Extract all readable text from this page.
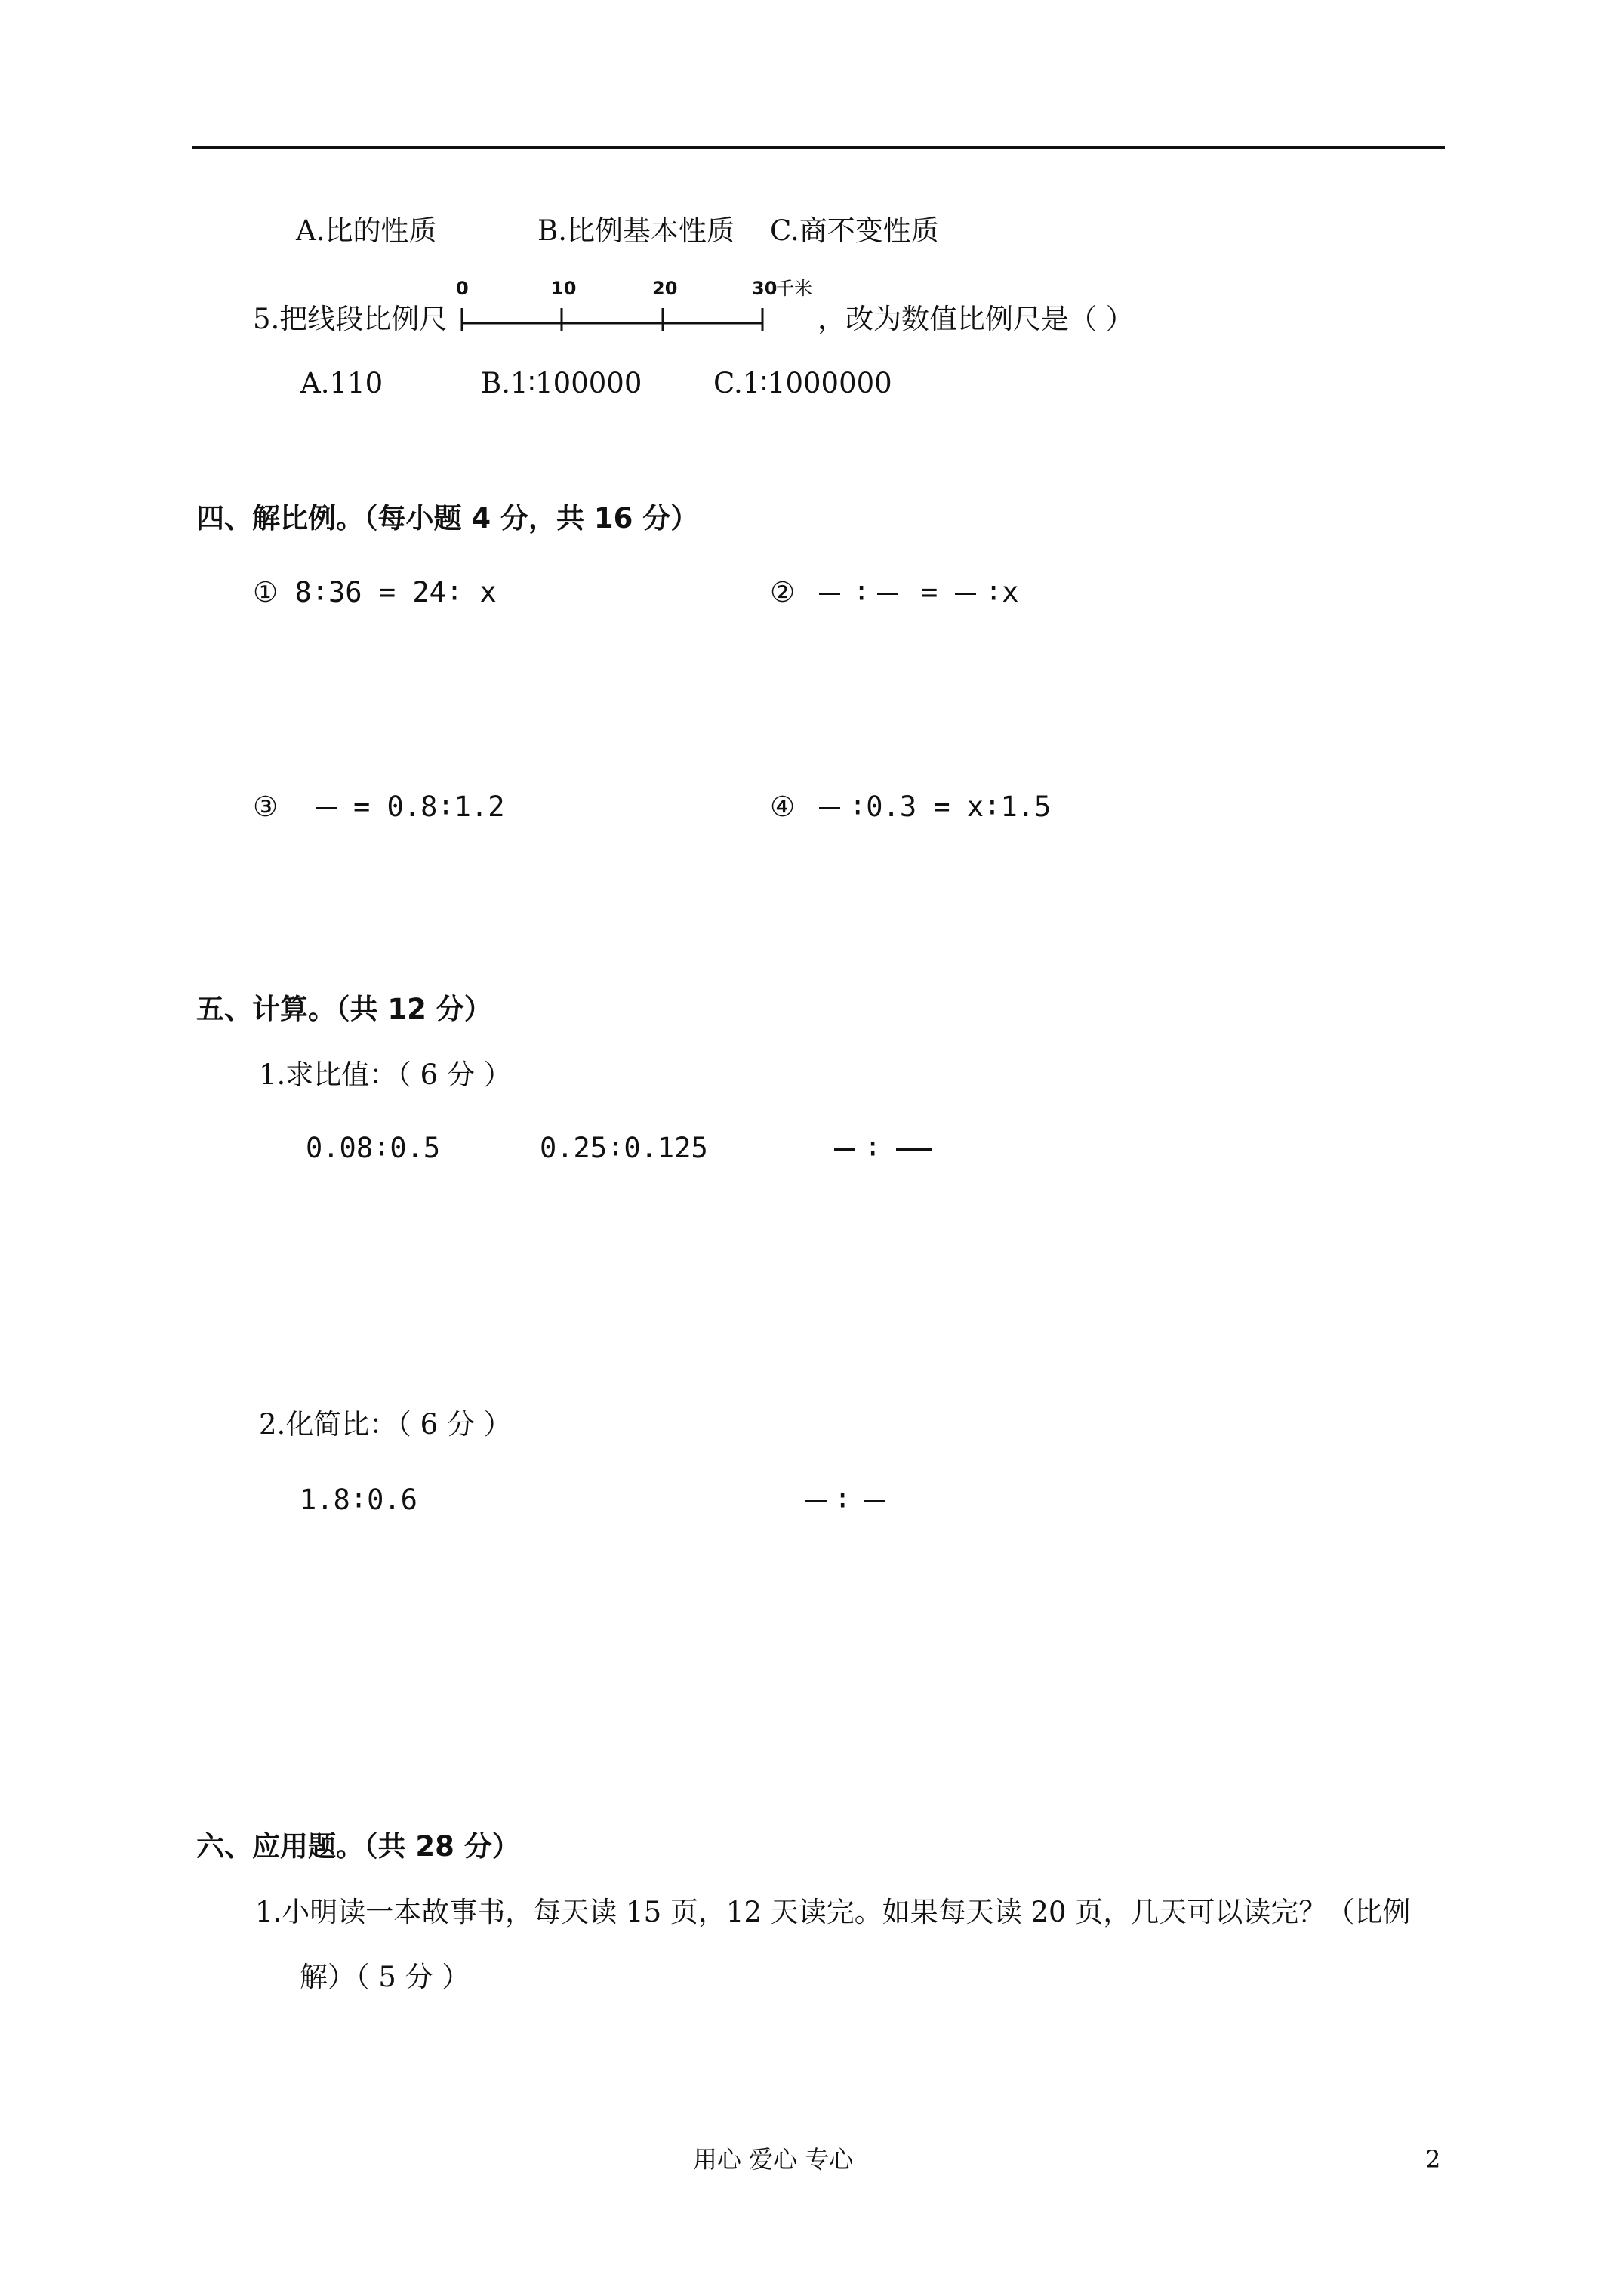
A.比的性质	B.比例基本性质 C.商不变性质
5.把线段比例尺
0	10	20	30
千米
，改为数值比例尺是（ ）
A.110	B.1∶100000	C.1∶1000000
四、解比例。（每小题 4 分，共 16 分）
① 8∶36 = 24∶ x	② ∶ = ∶x
③	= 0.8∶1.2	④ ∶0.3 = x∶1.5
五、计算。（共 12 分）
1.求比值：（ 6 分 ）
0.08∶0.5	0.25∶0.125	∶
2.化简比：（ 6 分 ）
1.8∶0.6	∶
六、应用题。（共 28 分）
1.小明读一本故事书，每天读 15 页，12 天读完。如果每天读 20 页，几天可以读完？（比例
解）（ 5 分 ）
用心 爱心 专心	2
